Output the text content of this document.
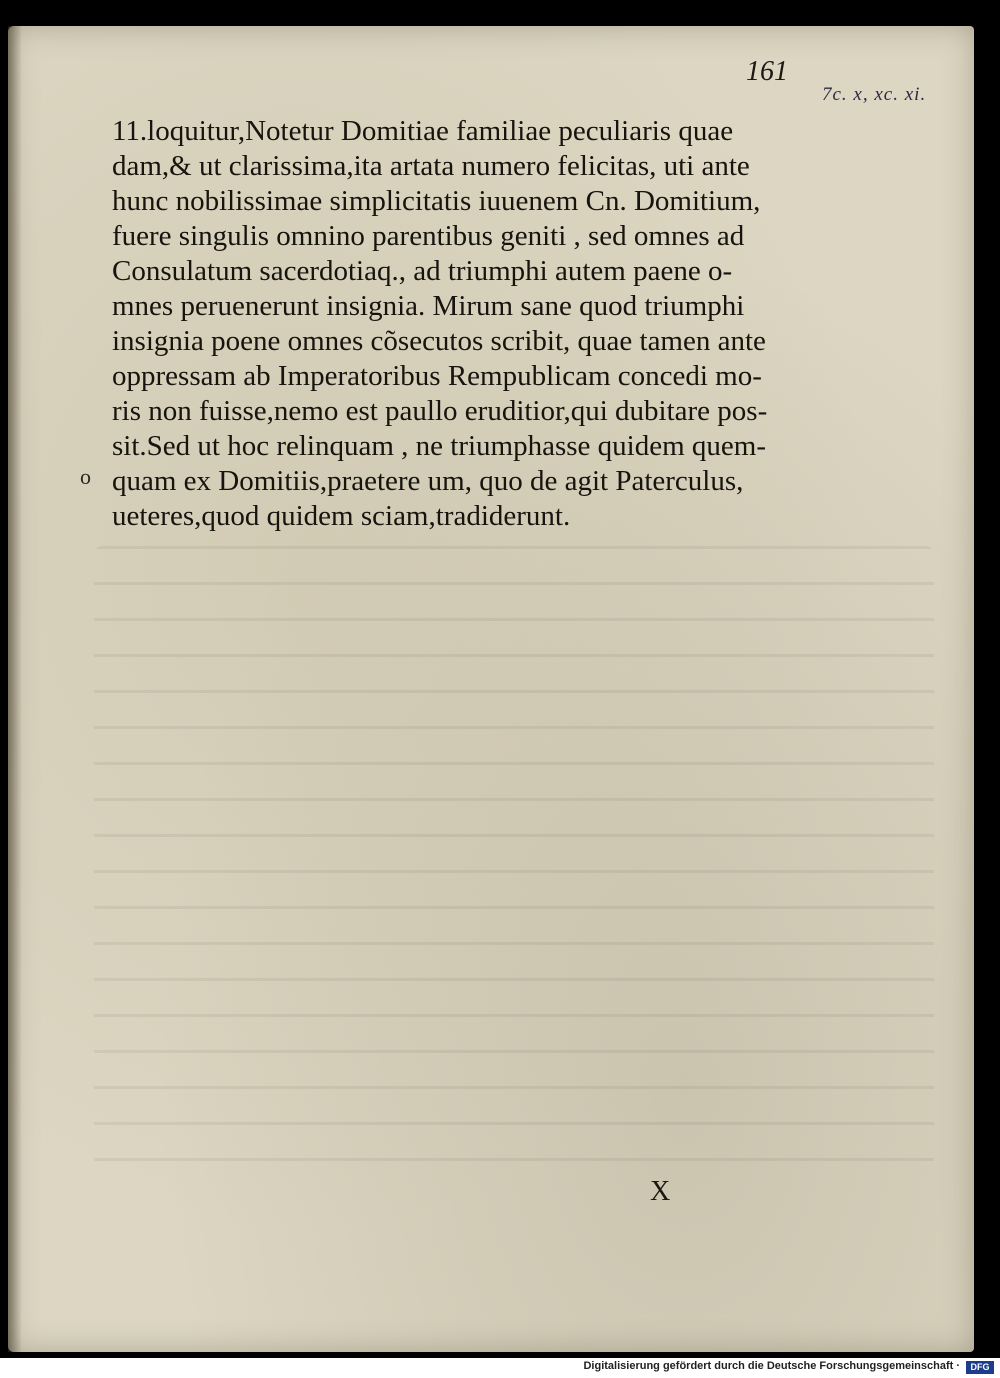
161
7c. x, xc. xi.
11.loquitur,Notetur Domitiae familiae peculiaris quae
dam,& ut clarissima,ita artata numero felicitas, uti ante
hunc nobilissimae simplicitatis iuuenem Cn. Domitium,
fuere singulis omnino parentibus geniti , sed omnes ad
Consulatum sacerdotiaq., ad triumphi autem paene o-
mnes peruenerunt insignia. Mirum sane quod triumphi
insignia poene omnes cõsecutos scribit, quae tamen ante
oppressam ab Imperatoribus Rempublicam concedi mo-
ris non fuisse,nemo est paullo eruditior,qui dubitare pos-
sit.Sed ut hoc relinquam , ne triumphasse quidem quem-
quam ex Domitiis,praetere um, quo de agit Paterculus,
ueteres,quod quidem sciam,tradiderunt.
o
X
Digitalisierung gefördert durch die Deutsche Forschungsgemeinschaft ·	DFG
